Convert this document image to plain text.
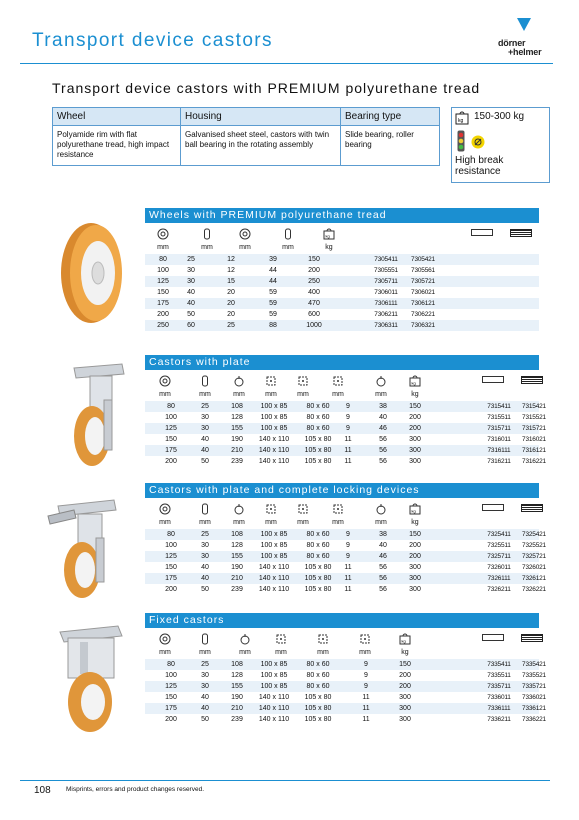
Transport device castors	dörner
+helmer
Transport device castors with PREMIUM polyurethane tread
Wheel	Housing	Bearing type
Polyamide rim with flat polyurethane tread, high impact resistance	Galvanised sheet steel, castors with twin ball bearing in the rotating assembly	Slide bearing, roller bearing
kg 150-300 kg
High break resistance
Wheels with PREMIUM polyurethane tread
kg
mm	mm	mm	mm	kg
80	25	12	39	150	7305411	7305421
100	30	12	44	200	7305551	7305561
125	30	15	44	250	7305711	7305721
150	40	20	59	400	7306011	7306021
175	40	20	59	470	7306111	7306121
200	50	20	59	600	7306211	7306221
250	60	25	88	1000	7306311	7306321
Castors with plate
kg
mm	mm	mm	mm	mm	mm	mm	kg
80	25	108	100 x 85	80 x 60	9	38	150	7315411	7315421
100	30	128	100 x 85	80 x 60	9	40	200	7315511	7315521
125	30	155	100 x 85	80 x 60	9	46	200	7315711	7315721
150	40	190	140 x 110	105 x 80	11	56	300	7316011	7316021
175	40	210	140 x 110	105 x 80	11	56	300	7316111	7316121
200	50	239	140 x 110	105 x 80	11	56	300	7316211	7316221
Castors with plate and complete locking devices
kg
mm	mm	mm	mm	mm	mm	mm	kg
80	25	108	100 x 85	80 x 60	9	38	150	7325411	7325421
100	30	128	100 x 85	80 x 60	9	40	200	7325511	7325521
125	30	155	100 x 85	80 x 60	9	46	200	7325711	7325721
150	40	190	140 x 110	105 x 80	11	56	300	7326011	7326021
175	40	210	140 x 110	105 x 80	11	56	300	7326111	7326121
200	50	239	140 x 110	105 x 80	11	56	300	7326211	7326221
Fixed castors
kg
mm	mm	mm	mm	mm	mm	kg
80	25	108	100 x 85	80 x 60	9	150	7335411	7335421
100	30	128	100 x 85	80 x 60	9	200	7335511	7335521
125	30	155	100 x 85	80 x 60	9	200	7335711	7335721
150	40	190	140 x 110	105 x 80	11	300	7336011	7336021
175	40	210	140 x 110	105 x 80	11	300	7336111	7336121
200	50	239	140 x 110	105 x 80	11	300	7336211	7336221
108 Misprints, errors and product changes reserved.
